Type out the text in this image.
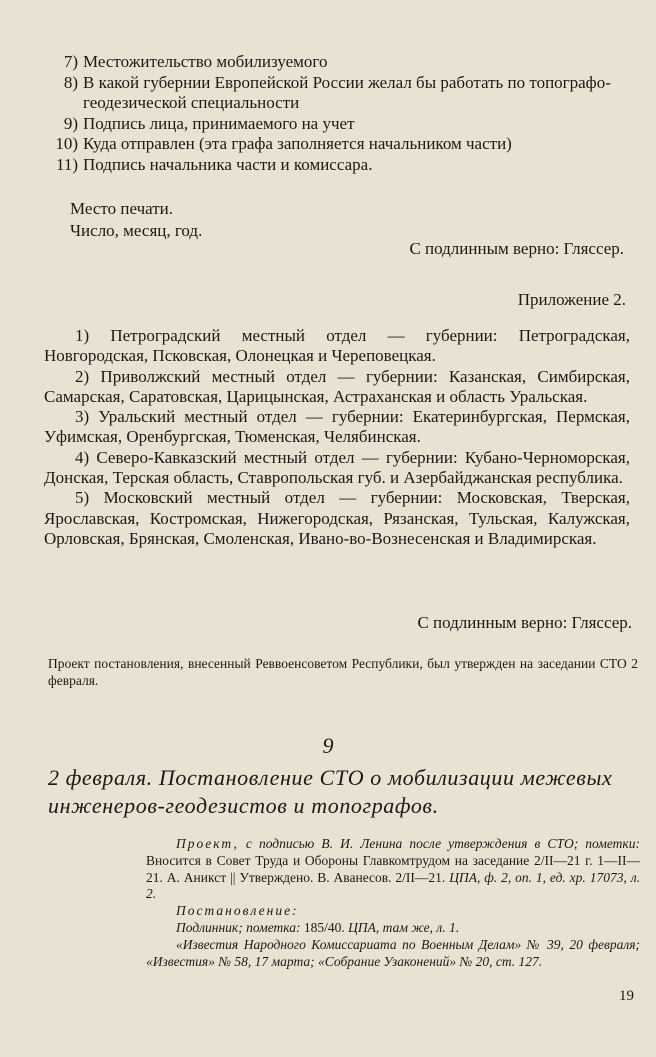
7) Местожительство мобилизуемого
8) В какой губернии Европейской России желал бы работать по топографо-геодезической специальности
9) Подпись лица, принимаемого на учет
10) Куда отправлен (эта графа заполняется начальником части)
11) Подпись начальника части и комиссара.
Место печати.
Число, месяц, год.
С подлинным верно: Гляссер.
Приложение 2.

1) Петроградский местный отдел — губернии: Петроградская, Новгородская, Псковская, Олонецкая и Череповецкая.

2) Приволжский местный отдел — губернии: Казанская, Симбирская, Самарская, Саратовская, Царицынская, Астраханская и область Уральская.

3) Уральский местный отдел — губернии: Екатеринбургская, Пермская, Уфимская, Оренбургская, Тюменская, Челябинская.

4) Северо-Кавказский местный отдел — губернии: Кубано-Черноморская, Донская, Терская область, Ставропольская губ. и Азербайджанская республика.

5) Московский местный отдел — губернии: Московская, Тверская, Ярославская, Костромская, Нижегородская, Рязанская, Тульская, Калужская, Орловская, Брянская, Смоленская, Ивано-во-Вознесенская и Владимирская.

С подлинным верно: Гляссер.
Проект постановления, внесенный Реввоенсоветом Республики, был утвержден на заседании СТО 2 февраля.
9
2 февраля. Постановление СТО о мобилизации межевых инженеров-геодезистов и топографов.

Проект, с подписью В. И. Ленина после утверждения в СТО; пометки: Вносится в Совет Труда и Обороны Главкомтрудом на заседание 2/II—21 г. 1—II—21. А. Аникст || Утверждено. В. Аванесов. 2/II—21. ЦПА, ф. 2, оп. 1, ед. хр. 17073, л. 2.

Постановление:

Подлинник; пометка: 185/40. ЦПА, там же, л. 1.

«Известия Народного Комиссариата по Военным Делам» № 39, 20 февраля; «Известия» № 58, 17 марта; «Собрание Узаконений» № 20, ст. 127.

19
